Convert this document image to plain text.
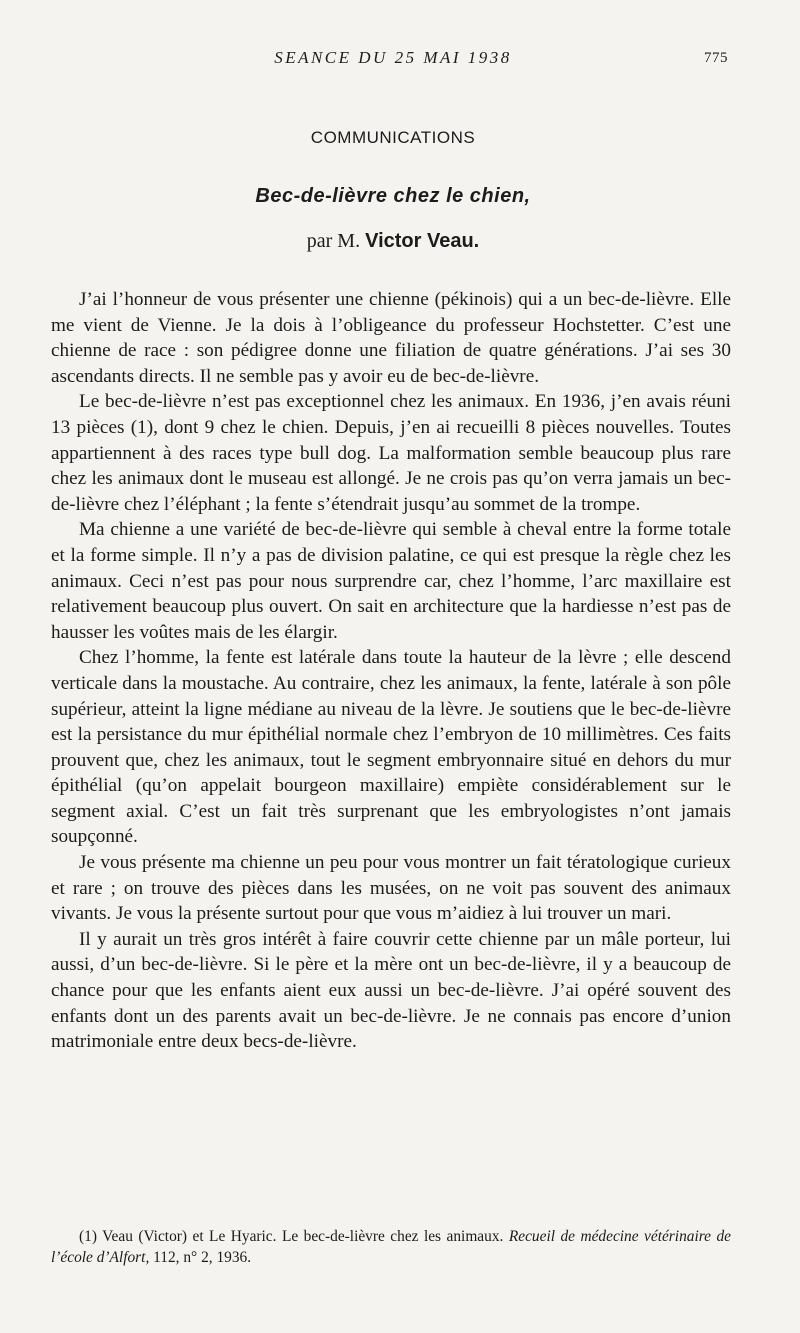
SEANCE DU 25 MAI 1938	775
COMMUNICATIONS
Bec-de-lièvre chez le chien,
par M. Victor Veau.

J’ai l’honneur de vous présenter une chienne (pékinois) qui a un bec-de-lièvre. Elle me vient de Vienne. Je la dois à l’obligeance du professeur Hochstetter. C’est une chienne de race : son pédigree donne une filiation de quatre générations. J’ai ses 30 ascendants directs. Il ne semble pas y avoir eu de bec-de-lièvre.

Le bec-de-lièvre n’est pas exceptionnel chez les animaux. En 1936, j’en avais réuni 13 pièces (1), dont 9 chez le chien. Depuis, j’en ai recueilli 8 pièces nouvelles. Toutes appartiennent à des races type bull dog. La malformation semble beaucoup plus rare chez les animaux dont le museau est allongé. Je ne crois pas qu’on verra jamais un bec-de-lièvre chez l’éléphant ; la fente s’étendrait jusqu’au sommet de la trompe.

Ma chienne a une variété de bec-de-lièvre qui semble à cheval entre la forme totale et la forme simple. Il n’y a pas de division palatine, ce qui est presque la règle chez les animaux. Ceci n’est pas pour nous surprendre car, chez l’homme, l’arc maxillaire est relativement beaucoup plus ouvert. On sait en architecture que la hardiesse n’est pas de hausser les voûtes mais de les élargir.

Chez l’homme, la fente est latérale dans toute la hauteur de la lèvre ; elle descend verticale dans la moustache. Au contraire, chez les animaux, la fente, latérale à son pôle supérieur, atteint la ligne médiane au niveau de la lèvre. Je soutiens que le bec-de-lièvre est la persistance du mur épithélial normale chez l’embryon de 10 millimètres. Ces faits prouvent que, chez les animaux, tout le segment embryonnaire situé en dehors du mur épithélial (qu’on appelait bourgeon maxillaire) empiète considérablement sur le segment axial. C’est un fait très surprenant que les embryologistes n’ont jamais soupçonné.

Je vous présente ma chienne un peu pour vous montrer un fait tératologique curieux et rare ; on trouve des pièces dans les musées, on ne voit pas souvent des animaux vivants. Je vous la présente surtout pour que vous m’aidiez à lui trouver un mari.

Il y aurait un très gros intérêt à faire couvrir cette chienne par un mâle porteur, lui aussi, d’un bec-de-lièvre. Si le père et la mère ont un bec-de-lièvre, il y a beaucoup de chance pour que les enfants aient eux aussi un bec-de-lièvre. J’ai opéré souvent des enfants dont un des parents avait un bec-de-lièvre. Je ne connais pas encore d’union matrimoniale entre deux becs-de-lièvre.

(1) Veau (Victor) et Le Hyaric. Le bec-de-lièvre chez les animaux. Recueil de médecine vétérinaire de l’école d’Alfort, 112, n° 2, 1936.
